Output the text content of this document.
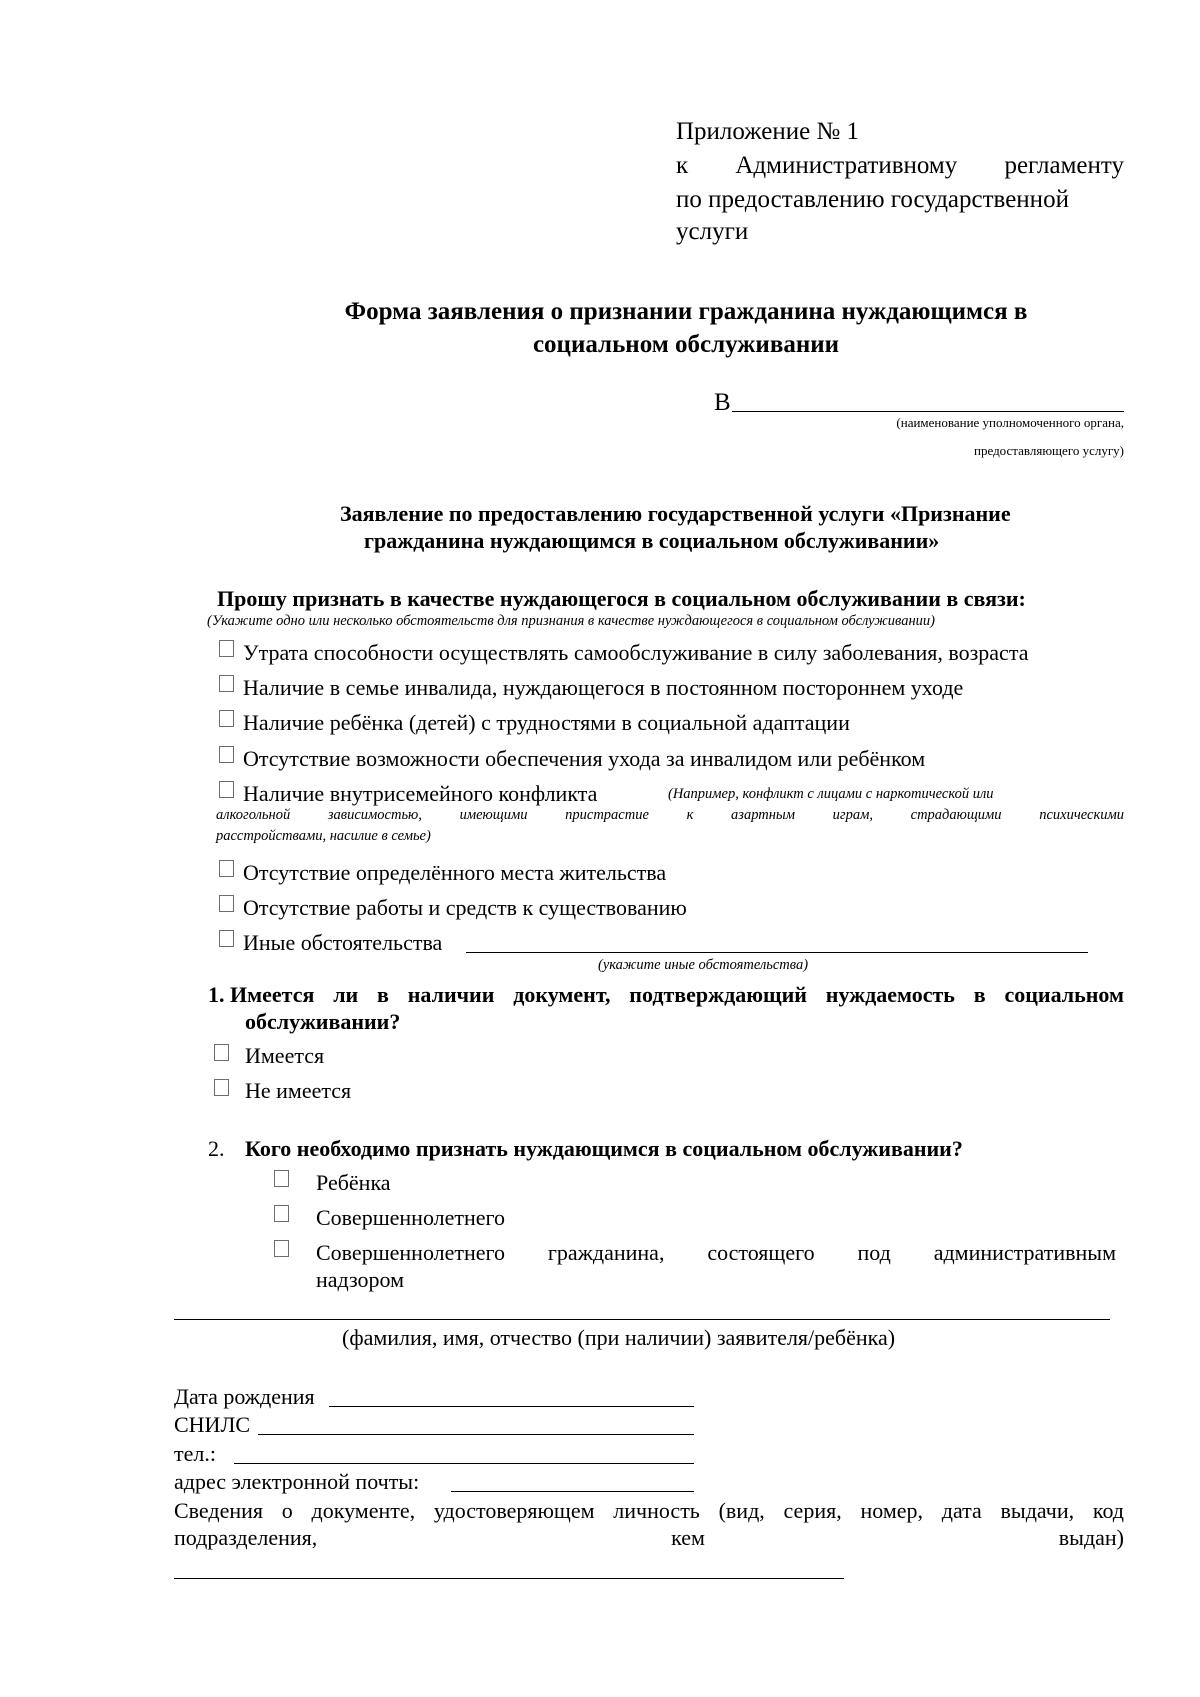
Приложение № 1
к Административному регламенту
по предоставлению государственной
услуги
Форма заявления о признании гражданина нуждающимся в
социальном обслуживании
В
(наименование уполномоченного органа,
предоставляющего услугу)
Заявление по предоставлению государственной услуги «Признание
гражданина нуждающимся в социальном обслуживании»
Прошу признать в качестве нуждающегося в социальном обслуживании в связи:
(Укажите одно или несколько обстоятельств для признания в качестве нуждающегося в социальном обслуживании)
Утрата способности осуществлять самообслуживание в силу заболевания, возраста
Наличие в семье инвалида, нуждающегося в постоянном постороннем уходе
Наличие ребёнка (детей) с трудностями в социальной адаптации
Отсутствие возможности обеспечения ухода за инвалидом или ребёнком
Наличие внутрисемейного конфликта	(Например, конфликт с лицами с наркотической или
алкогольной зависимостью, имеющими пристрастие к азартным играм, страдающими психическими
расстройствами, насилие в семье)
Отсутствие определённого места жительства
Отсутствие работы и средств к существованию
Иные обстоятельства
(укажите иные обстоятельства)
1. Имеется ли в наличии документ, подтверждающий нуждаемость в социальном
обслуживании?
Имеется
Не имеется
2. Кого необходимо признать нуждающимся в социальном обслуживании?
Ребёнка
Совершеннолетнего
Совершеннолетнего гражданина, состоящего под административным
надзором
(фамилия, имя, отчество (при наличии) заявителя/ребёнка)
Дата рождения
СНИЛС
тел.:
адрес электронной почты:
Сведения о документе, удостоверяющем личность (вид, серия, номер, дата выдачи, код
подразделения, кем выдан)
